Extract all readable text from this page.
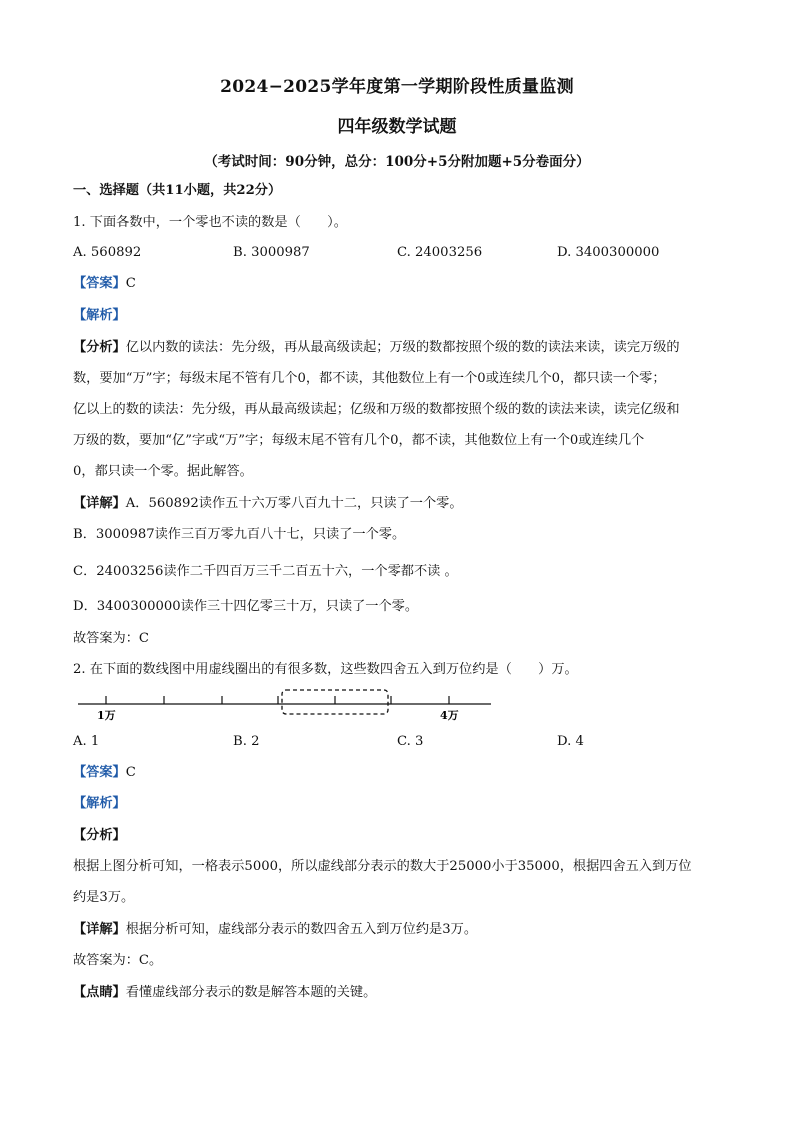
2024−2025学年度第一学期阶段性质量监测
四年级数学试题
（考试时间：90分钟，总分：100分+5分附加题+5分卷面分）
一、选择题（共11小题，共22分）
1. 下面各数中，一个零也不读的数是（　　）。
A. 560892	B. 3000987	C. 24003256	D. 3400300000
【答案】C
【解析】
【分析】亿以内数的读法：先分级，再从最高级读起；万级的数都按照个级的数的读法来读，读完万级的
数，要加“万”字；每级末尾不管有几个0，都不读，其他数位上有一个0或连续几个0，都只读一个零；
亿以上的数的读法：先分级，再从最高级读起；亿级和万级的数都按照个级的数的读法来读，读完亿级和
万级的数，要加“亿”字或“万”字；每级末尾不管有几个0，都不读，其他数位上有一个0或连续几个
0，都只读一个零。据此解答。
【详解】A．560892读作五十六万零八百九十二，只读了一个零。
B．3000987读作三百万零九百八十七，只读了一个零。
C．24003256读作二千四百万三千二百五十六，一个零都不读 。
D．3400300000读作三十四亿零三十万，只读了一个零。
故答案为：C
2. 在下面的数线图中用虚线圈出的有很多数，这些数四舍五入到万位约是（　　）万。
1万	4万
A. 1	B. 2	C. 3	D. 4
【答案】C
【解析】
【分析】
根据上图分析可知，一格表示5000，所以虚线部分表示的数大于25000小于35000，根据四舍五入到万位
约是3万。
【详解】根据分析可知，虚线部分表示的数四舍五入到万位约是3万。
故答案为：C。
【点睛】看懂虚线部分表示的数是解答本题的关键。
